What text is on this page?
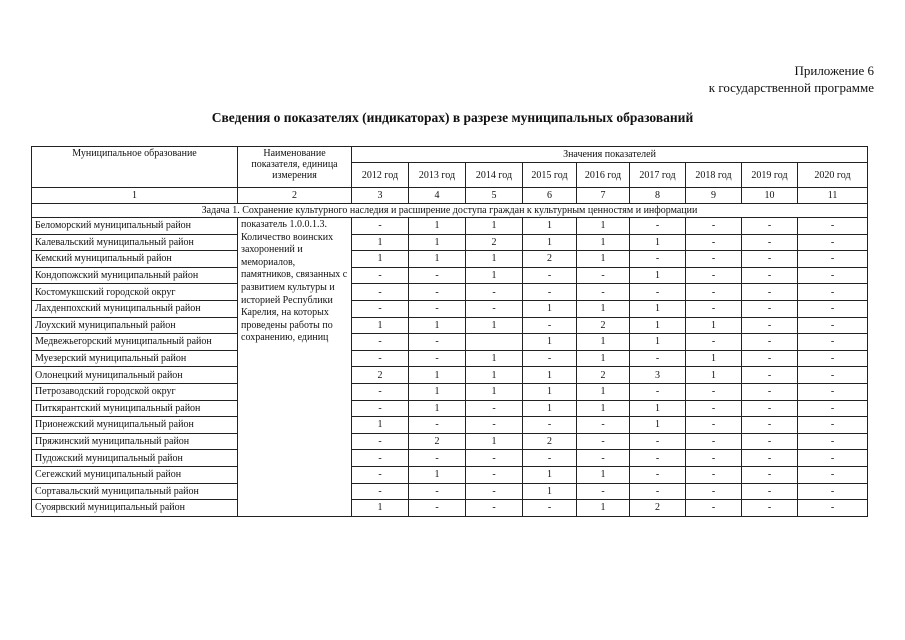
Приложение 6
к государственной программе
Сведения о показателях (индикаторах) в разрезе муниципальных образований
Муниципальное образование	Наименование показателя, единица измерения	Значения показателей								
		2012 год	2013 год	2014 год	2015 год	2016 год	2017 год	2018 год	2019 год	2020 год
1	2	3	4	5	6	7	8	9	10	11
Задача 1. Сохранение культурного наследия и расширение доступа граждан к культурным ценностям и информации										
Беломорский муниципальный район	показатель 1.0.0.1.3. Количество воинских захоронений и мемориалов, памятников, связанных с развитием культуры и историей Республики Карелия, на которых проведены работы по сохранению, единиц	-	1	1	1	1	-	-	-	-
Калевальский муниципальный район		1	1	2	1	1	1	-	-	-
Кемский муниципальный район		1	1	1	2	1	-	-	-	-
Кондопожский муниципальный район		-	-	1	-	-	1	-	-	-
Костомукшский городской округ		-	-	-	-	-	-	-	-	-
Лахденпохский муниципальный район		-	-	-	1	1	1	-	-	-
Лоухский муниципальный район		1	1	1	-	2	1	1	-	-
Медвежьегорский муниципальный район		-	-		1	1	1	-	-	-
Муезерский муниципальный район		-	-	1	-	1	-	1	-	-
Олонецкий муниципальный район		2	1	1	1	2	3	1	-	-
Петрозаводский городской округ		-	1	1	1	1	-	-	-	-
Питкярантский муниципальный район		-	1	-	1	1	1	-	-	-
Прионежский муниципальный район		1	-	-	-	-	1	-	-	-
Пряжинский муниципальный район		-	2	1	2	-	-	-	-	-
Пудожский муниципальный район		-	-	-	-	-	-	-	-	-
Сегежский муниципальный район		-	1	-	1	1	-	-	-	-
Сортавальский муниципальный район		-	-	-	1	-	-	-	-	-
Суоярвский муниципальный район		1	-	-	-	1	2	-	-	-
